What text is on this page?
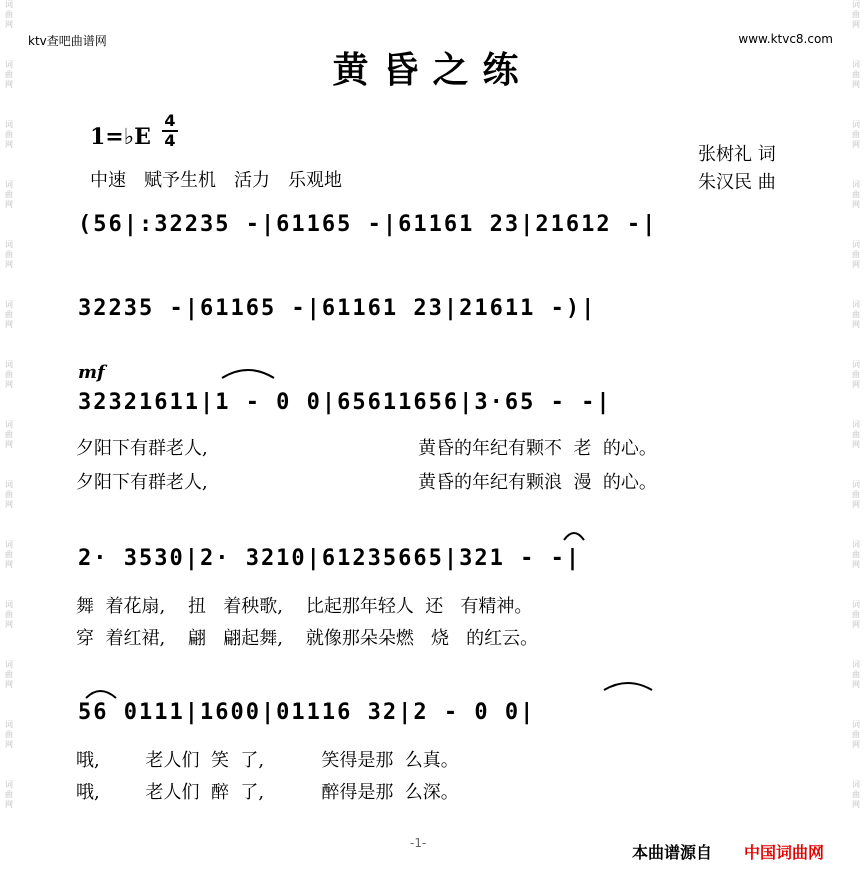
词
曲
网
词
曲
网
词
曲
网
词
曲
网
词
曲
网
词
曲
网
词
曲
网
词
曲
网
词
曲
网
词
曲
网
词
曲
网
词
曲
网
词
曲
网
词
曲
网
词
曲
网
词
曲
网
词
曲
网
词
曲
网
词
曲
网
词
曲
网
词
曲
网
词
曲
网
词
曲
网
词
曲
网
词
曲
网
词
曲
网
词
曲
网
词
曲
网
ktv查吧曲谱网	www.ktvc8.com
黄昏之练
1=♭E
4
4
中速　赋予生机　活力　乐观地
张树礼 词
朱汉民 曲
(56|:32235 -|61165 -|61161 23|21612 -|
32235 -|61165 -|61161 23|21611 -)|
mf
32321611|1 - 0 0|65611656|3·65 - -|
夕阳下有群老人,	黄昏的年纪有颗不  老  的心。
夕阳下有群老人,	黄昏的年纪有颗浪  漫  的心。
2· 3530|2· 3210|61235665|321 - -|
舞  着花扇,    扭   着秧歌,    比起那年轻人  还   有精神。
穿  着红裙,    翩   翩起舞,    就像那朵朵燃   烧   的红云。
56 0111|1600|01116 32|2 - 0 0|
哦,        老人们  笑  了,          笑得是那  么真。
哦,        老人们  醉  了,          醉得是那  么深。
-1-	本曲谱源自 中国词曲网
